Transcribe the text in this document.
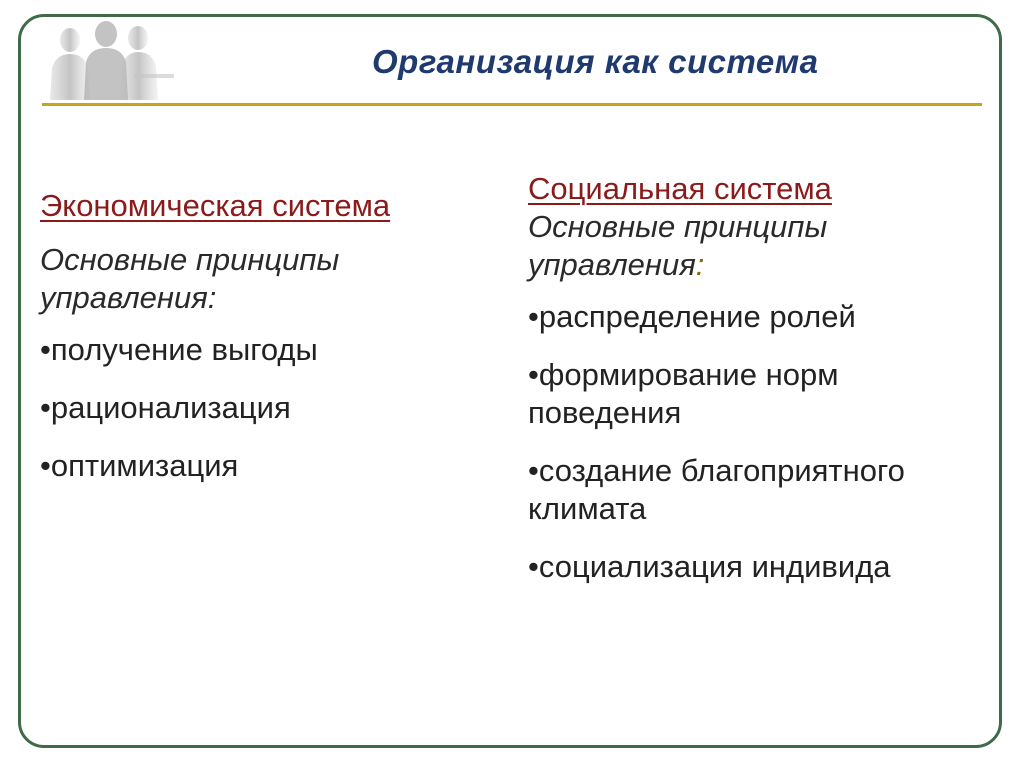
Организация как система
Экономическая система

Основные принципы управления:

•получение выгоды
•рационализация
•оптимизация
Социальная система

Основные принципы управления:

•распределение ролей
•формирование норм поведения
•создание благоприятного климата
•социализация индивида
